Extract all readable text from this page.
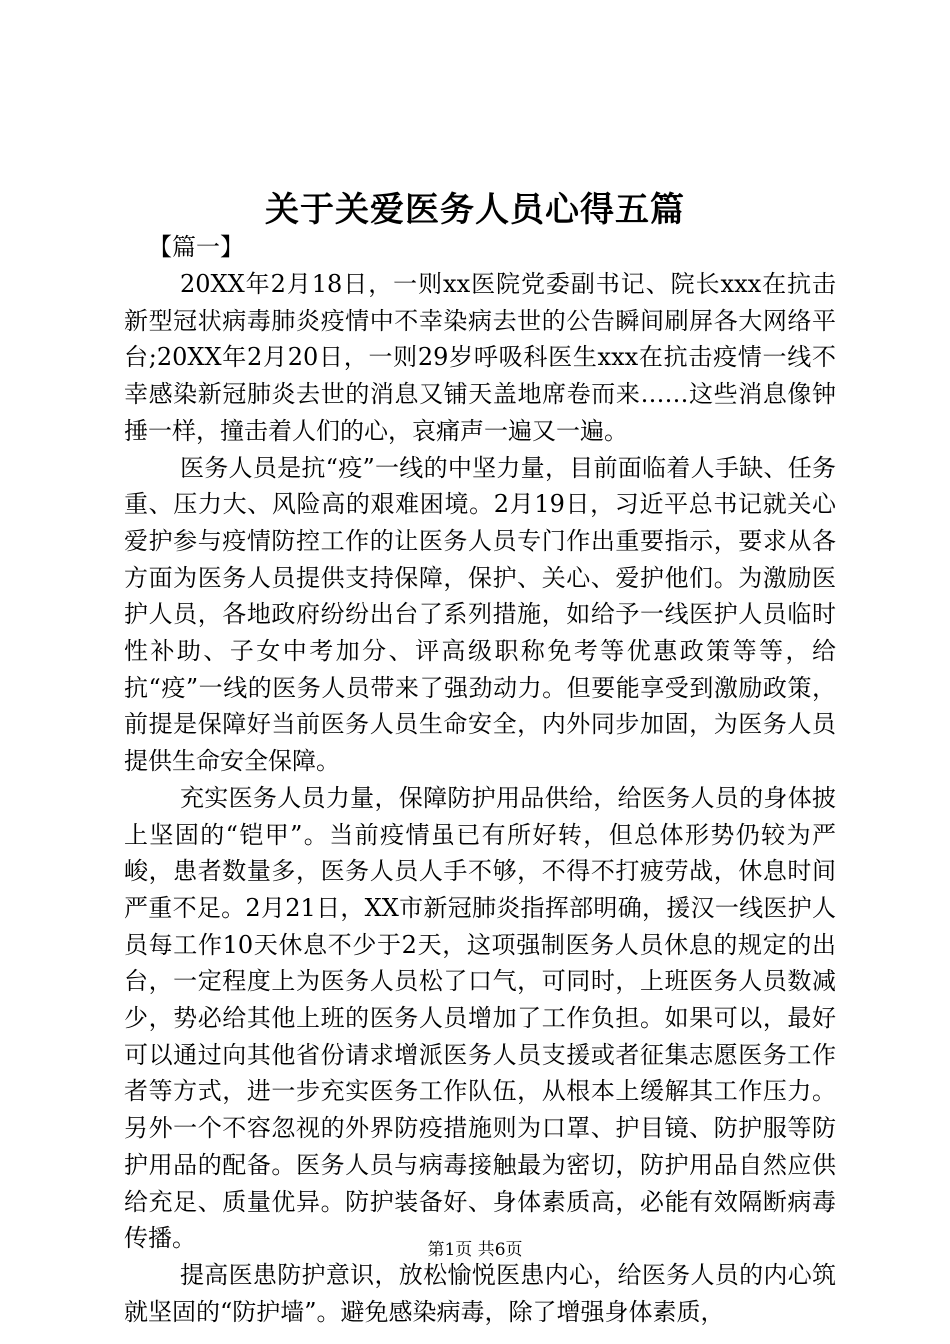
关于关爱医务人员心得五篇

【篇一】

20XX年2月18日，一则xx医院党委副书记、院长xxx在抗击新型冠状病毒肺炎疫情中不幸染病去世的公告瞬间刷屏各大网络平台;20XX年2月20日，一则29岁呼吸科医生xxx在抗击疫情一线不幸感染新冠肺炎去世的消息又铺天盖地席卷而来……这些消息像钟捶一样，撞击着人们的心，哀痛声一遍又一遍。

医务人员是抗“疫”一线的中坚力量，目前面临着人手缺、任务重、压力大、风险高的艰难困境。2月19日，习近平总书记就关心爱护参与疫情防控工作的让医务人员专门作出重要指示，要求从各方面为医务人员提供支持保障，保护、关心、爱护他们。为激励医护人员，各地政府纷纷出台了系列措施，如给予一线医护人员临时性补助、子女中考加分、评高级职称免考等优惠政策等等，给抗“疫”一线的医务人员带来了强劲动力。但要能享受到激励政策，前提是保障好当前医务人员生命安全，内外同步加固，为医务人员提供生命安全保障。

充实医务人员力量，保障防护用品供给，给医务人员的身体披上坚固的“铠甲”。当前疫情虽已有所好转，但总体形势仍较为严峻，患者数量多，医务人员人手不够，不得不打疲劳战，休息时间严重不足。2月21日，XX市新冠肺炎指挥部明确，援汉一线医护人员每工作10天休息不少于2天，这项强制医务人员休息的规定的出台，一定程度上为医务人员松了口气，可同时，上班医务人员数减少，势必给其他上班的医务人员增加了工作负担。如果可以，最好可以通过向其他省份请求增派医务人员支援或者征集志愿医务工作者等方式，进一步充实医务工作队伍，从根本上缓解其工作压力。另外一个不容忽视的外界防疫措施则为口罩、护目镜、防护服等防护用品的配备。医务人员与病毒接触最为密切，防护用品自然应供给充足、质量优异。防护装备好、身体素质高，必能有效隔断病毒传播。

提高医患防护意识，放松愉悦医患内心，给医务人员的内心筑就坚固的“防护墙”。避免感染病毒，除了增强身体素质，

第1页 共6页
